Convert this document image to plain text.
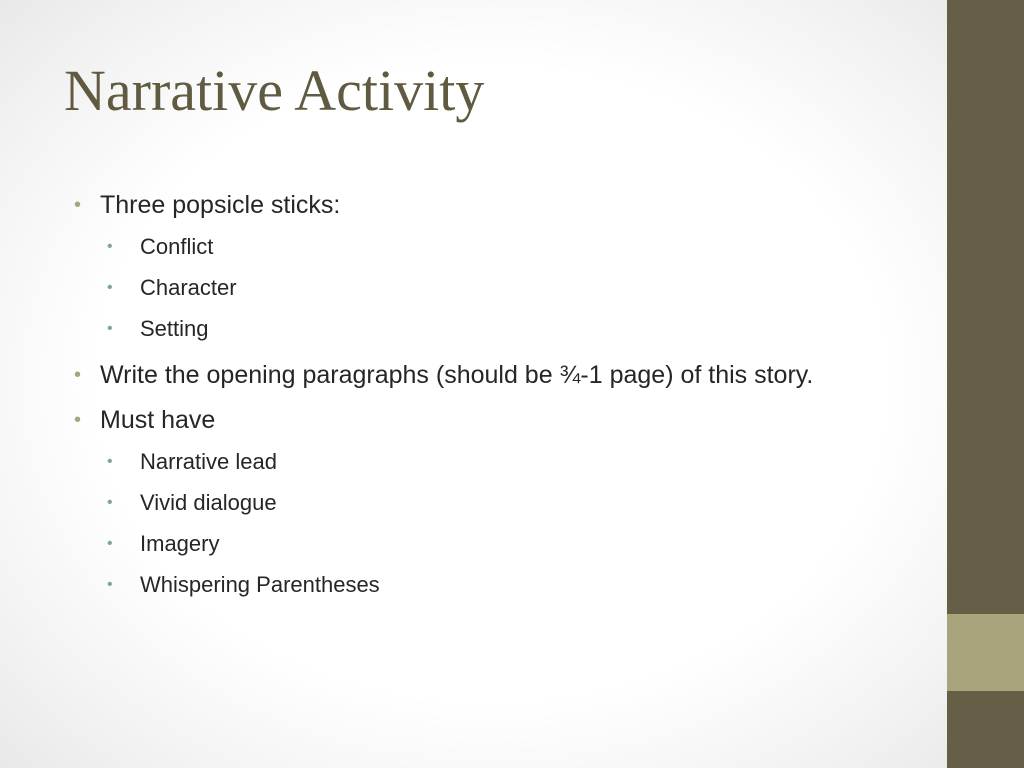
Narrative Activity
• Three popsicle sticks:
• Conflict
• Character
• Setting
• Write the opening paragraphs (should be ¾-1 page) of this story.
• Must have
• Narrative lead
• Vivid dialogue
• Imagery
• Whispering Parentheses
